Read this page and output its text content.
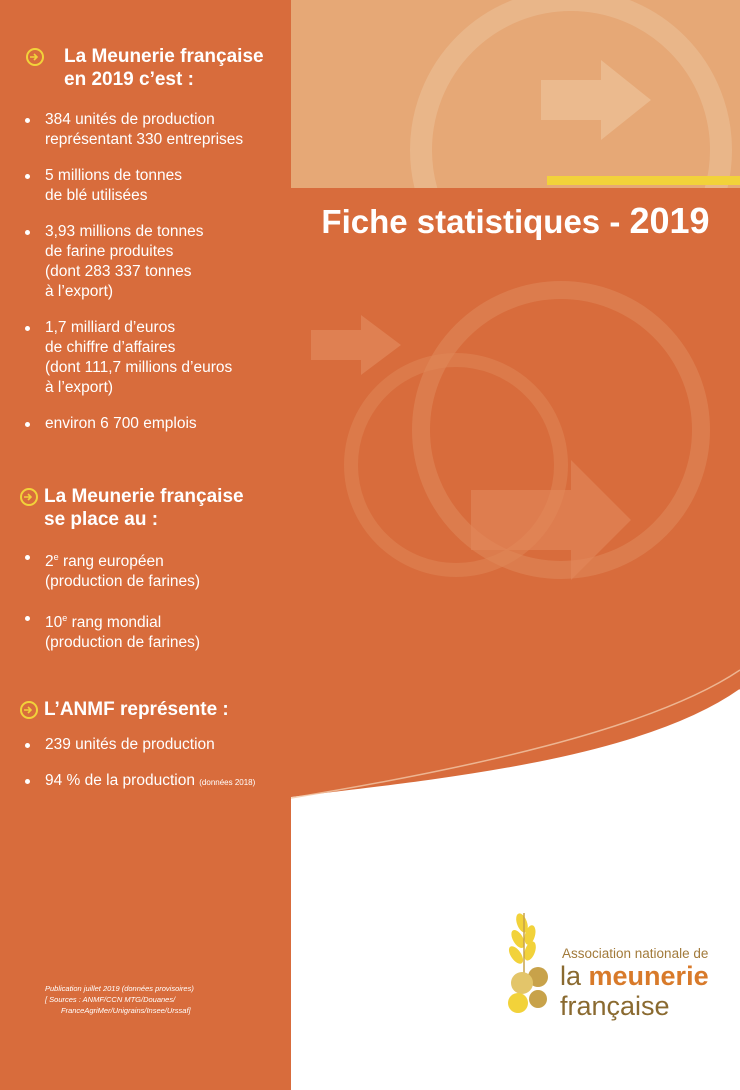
La Meunerie française
en 2019 c’est :
384 unités de production
représentant 330 entreprises
5 millions de tonnes
de blé utilisées
3,93 millions de tonnes
de farine produites
(dont 283 337 tonnes
à l’export)
1,7 milliard d’euros
de chiffre d’affaires
(dont 111,7 millions d’euros
à l’export)
environ 6 700 emplois
La Meunerie française
se place au :
2e rang européen
(production de farines)
10e rang mondial
(production de farines)
L’ANMF représente :
239 unités de production
94 % de la production (données 2018)
Publication juillet 2019 (données provisoires)
[ Sources : ANMF/CCN MTG/Douanes/
FranceAgriMer/Unigrains/Insee/Urssaf]
Fiche statistiques - 2019
Association nationale de
la meunerie
française
